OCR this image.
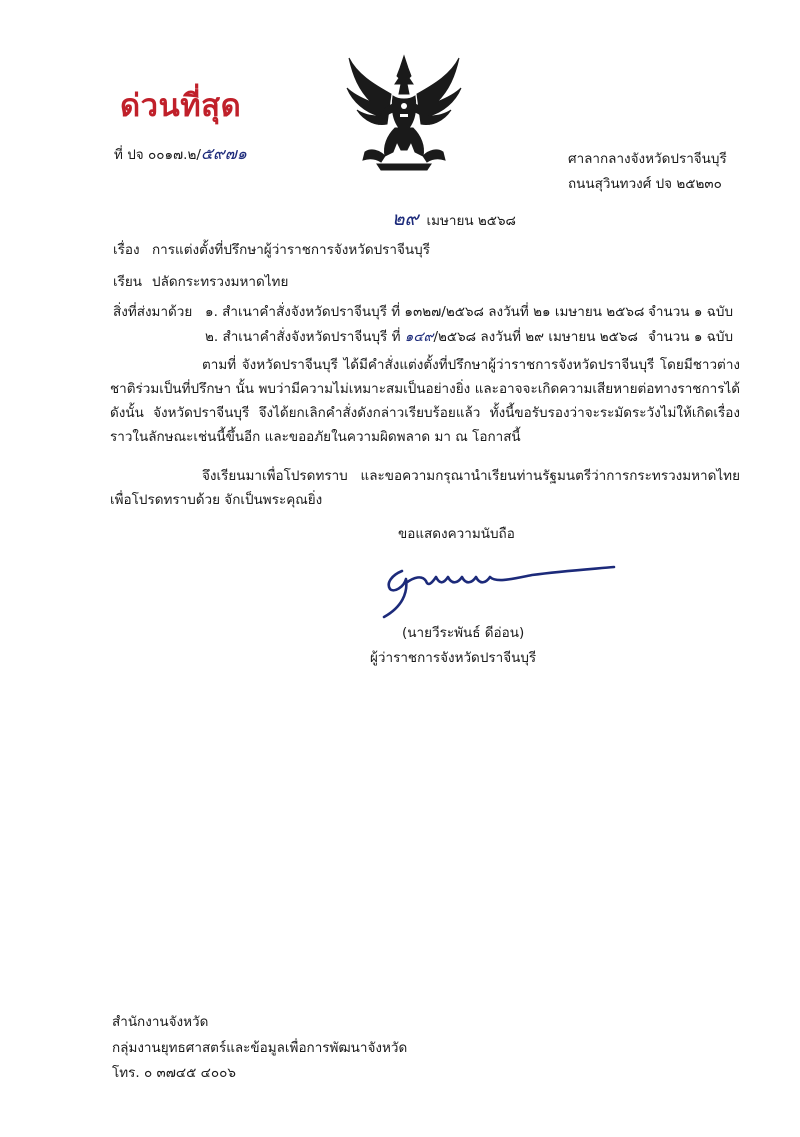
ด่วนที่สุด
ที่ ปจ ๐๐๑๗.๒/๕๙๗๑	ศาลากลางจังหวัดปราจีนบุรี
ถนนสุวินทวงศ์ ปจ ๒๕๒๓๐
๒๙ เมษายน ๒๕๖๘
เรื่อง การแต่งตั้งที่ปรึกษาผู้ว่าราชการจังหวัดปราจีนบุรี
เรียน ปลัดกระทรวงมหาดไทย
สิ่งที่ส่งมาด้วย ๑. สำเนาคำสั่งจังหวัดปราจีนบุรี ที่ ๑๓๒๗/๒๕๖๘ ลงวันที่ ๒๑ เมษายน ๒๕๖๘ จำนวน ๑ ฉบับ
๒. สำเนาคำสั่งจังหวัดปราจีนบุรี ที่ ๑๔๙/๒๕๖๘ ลงวันที่ ๒๙ เมษายน ๒๕๖๘ จำนวน ๑ ฉบับ
ตามที่ จังหวัดปราจีนบุรี ได้มีคำสั่งแต่งตั้งที่ปรึกษาผู้ว่าราชการจังหวัดปราจีนบุรี โดยมีชาวต่างชาติร่วมเป็นที่ปรึกษา นั้น พบว่ามีความไม่เหมาะสมเป็นอย่างยิ่ง และอาจจะเกิดความเสียหายต่อทางราชการได้ ดังนั้น จังหวัดปราจีนบุรี จึงได้ยกเลิกคำสั่งดังกล่าวเรียบร้อยแล้ว ทั้งนี้ขอรับรองว่าจะระมัดระวังไม่ให้เกิดเรื่องราวในลักษณะเช่นนี้ขึ้นอีก และขออภัยในความผิดพลาด มา ณ โอกาสนี้
จึงเรียนมาเพื่อโปรดทราบ และขอความกรุณานำเรียนท่านรัฐมนตรีว่าการกระทรวงมหาดไทยเพื่อโปรดทราบด้วย จักเป็นพระคุณยิ่ง
ขอแสดงความนับถือ
(นายวีระพันธ์ ดีอ่อน)
ผู้ว่าราชการจังหวัดปราจีนบุรี
สำนักงานจังหวัด
กลุ่มงานยุทธศาสตร์และข้อมูลเพื่อการพัฒนาจังหวัด
โทร. ๐ ๓๗๔๕ ๔๐๐๖
